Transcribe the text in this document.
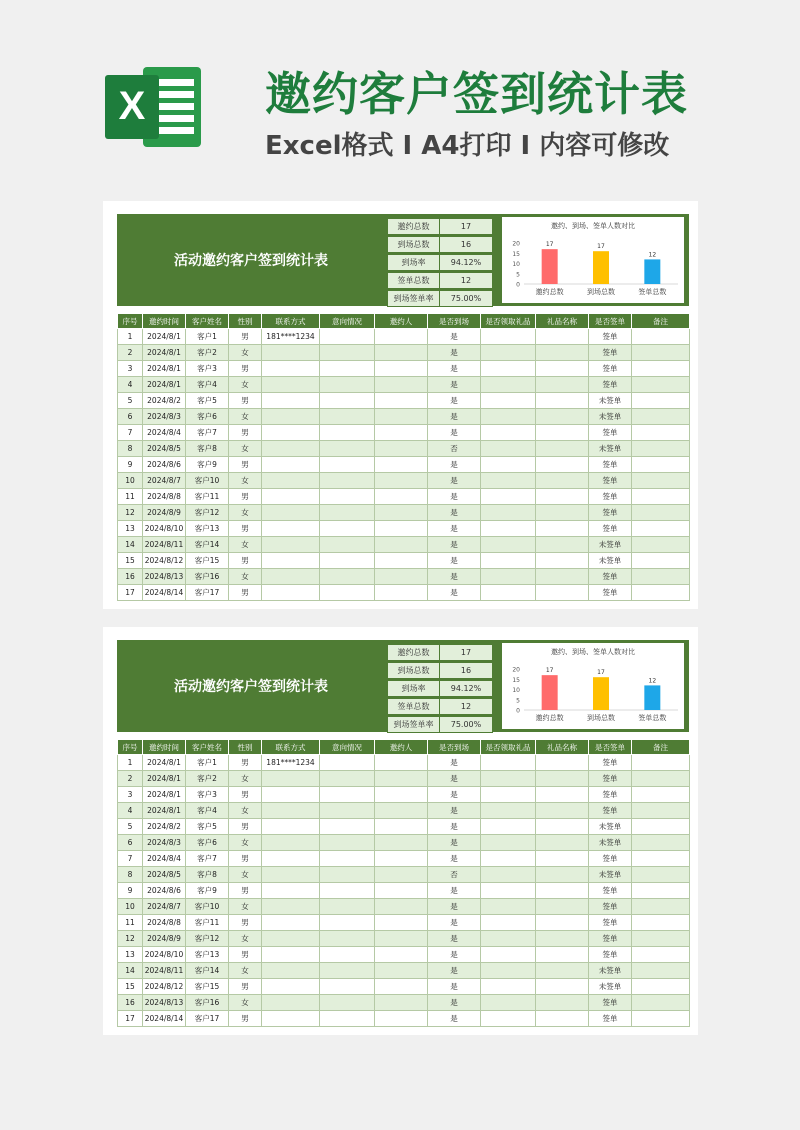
X	邀约客户签到统计表
Excel格式 I A4打印 I 内容可修改
活动邀约客户签到统计表
邀约总数	17
到场总数	16
到场率	94.12%
签单总数	12
到场签单率	75.00%
邀约、到场、签单人数对比
0
5
10
15
20	17
邀约总数
17
到场总数
12
签单总数
序号	邀约时间	客户姓名	性别	联系方式	意向情况	邀约人	是否到场	是否领取礼品	礼品名称	是否签单	备注
1	2024/8/1	客户1	男	181****1234			是			签单	
2	2024/8/1	客户2	女				是			签单	
3	2024/8/1	客户3	男				是			签单	
4	2024/8/1	客户4	女				是			签单	
5	2024/8/2	客户5	男				是			未签单	
6	2024/8/3	客户6	女				是			未签单	
7	2024/8/4	客户7	男				是			签单	
8	2024/8/5	客户8	女				否			未签单	
9	2024/8/6	客户9	男				是			签单	
10	2024/8/7	客户10	女				是			签单	
11	2024/8/8	客户11	男				是			签单	
12	2024/8/9	客户12	女				是			签单	
13	2024/8/10	客户13	男				是			签单	
14	2024/8/11	客户14	女				是			未签单	
15	2024/8/12	客户15	男				是			未签单	
16	2024/8/13	客户16	女				是			签单	
17	2024/8/14	客户17	男				是			签单	
活动邀约客户签到统计表
邀约总数	17
到场总数	16
到场率	94.12%
签单总数	12
到场签单率	75.00%
邀约、到场、签单人数对比
0
5
10
15
20	17
邀约总数
17
到场总数
12
签单总数
序号	邀约时间	客户姓名	性别	联系方式	意向情况	邀约人	是否到场	是否领取礼品	礼品名称	是否签单	备注
1	2024/8/1	客户1	男	181****1234			是			签单	
2	2024/8/1	客户2	女				是			签单	
3	2024/8/1	客户3	男				是			签单	
4	2024/8/1	客户4	女				是			签单	
5	2024/8/2	客户5	男				是			未签单	
6	2024/8/3	客户6	女				是			未签单	
7	2024/8/4	客户7	男				是			签单	
8	2024/8/5	客户8	女				否			未签单	
9	2024/8/6	客户9	男				是			签单	
10	2024/8/7	客户10	女				是			签单	
11	2024/8/8	客户11	男				是			签单	
12	2024/8/9	客户12	女				是			签单	
13	2024/8/10	客户13	男				是			签单	
14	2024/8/11	客户14	女				是			未签单	
15	2024/8/12	客户15	男				是			未签单	
16	2024/8/13	客户16	女				是			签单	
17	2024/8/14	客户17	男				是			签单	
